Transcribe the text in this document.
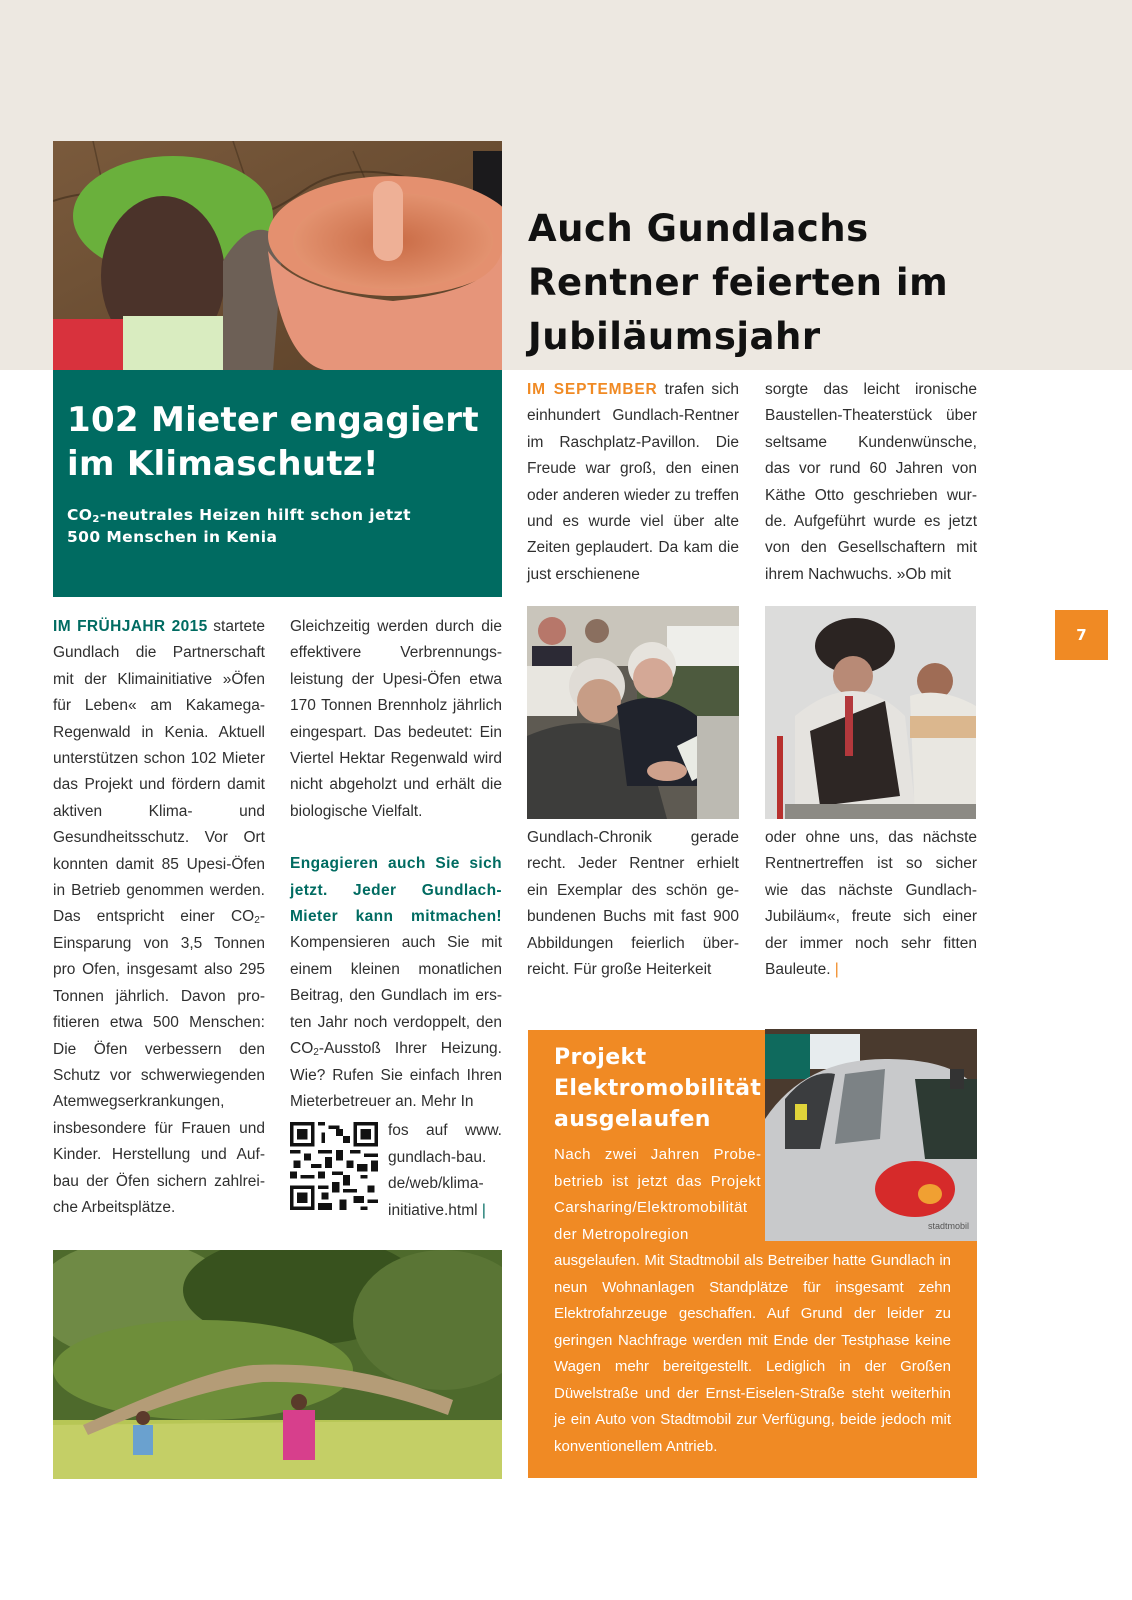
102 Mieter engagiert
im Klimaschutz!
$CO_2$-neutrales Heizen hilft schon jetzt
500 Menschen in Kenia
Auch Gundlachs
Rentner feierten im
Jubiläumsjahr
IM FRÜHJAHR 2015 startete Gundlach die Partnerschaft mit der Klimainitiative »Öfen für Leben« am Kakamega-Regenwald in Kenia. Aktuell unterstützen schon 102 Mieter das Projekt und fördern damit aktiven Klima- und Gesundheitsschutz. Vor Ort konnten damit 85 Upesi-Öfen in Betrieb genommen werden. Das entspricht einer $CO_2$-Einsparung von 3,5 Tonnen pro Ofen, insgesamt also 295 Tonnen jährlich. Davon profitieren etwa 500 Menschen: Die Öfen verbessern den Schutz vor schwerwiegenden Atemwegserkrankungen, insbesondere für Frauen und Kinder. Herstellung und Aufbau der Öfen sichern zahlreiche Arbeitsplätze.

Gleichzeitig werden durch die effektivere Verbrennungsleistung der Upesi-Öfen etwa 170 Tonnen Brennholz jährlich eingespart. Das bedeutet: Ein Viertel Hektar Regenwald wird nicht abgeholzt und erhält die biologische Vielfalt.

Engagieren auch Sie sich jetzt. Jeder Gundlach-Mieter kann mitmachen! Kompensieren auch Sie mit einem kleinen monatlichen Beitrag, den Gundlach im ersten Jahr noch verdoppelt, den $CO_2$-Ausstoß Ihrer Heizung. Wie? Rufen Sie einfach Ihren Mieterbetreuer an. Mehr In

fos auf www. gundlach-bau. de/web/klimainitiative.html |
IM SEPTEMBER trafen sich einhundert Gundlach-Rentner im Raschplatz-Pavillon. Die Freude war groß, den einen oder anderen wieder zu treffen und es wurde viel über alte Zeiten geplaudert. Da kam die just erschienene
sorgte das leicht ironische Baustellen-Theaterstück über seltsame Kundenwünsche, das vor rund 60 Jahren von Käthe Otto geschrieben wurde. Aufgeführt wurde es jetzt von den Gesellschaftern mit ihrem Nachwuchs. »Ob mit
Gundlach-Chronik gerade recht. Jeder Rentner erhielt ein Exemplar des schön gebundenen Buchs mit fast 900 Abbildungen feierlich überreicht. Für große Heiterkeit
oder ohne uns, das nächste Rentnertreffen ist so sicher wie das nächste Gundlach-Jubiläum«, freute sich einer der immer noch sehr fitten Bauleute. |
Projekt
Elektromobilität
ausgelaufen
Nach zwei Jahren Probebetrieb ist jetzt das Projekt Carsharing/Elektromobilität der Metropolregion
ausgelaufen. Mit Stadtmobil als Betreiber hatte Gundlach in neun Wohnanlagen Standplätze für insgesamt zehn Elektrofahrzeuge geschaffen. Auf Grund der leider zu geringen Nachfrage werden mit Ende der Testphase keine Wagen mehr bereitgestellt. Lediglich in der Großen Düwelstraße und der Ernst-Eiselen-Straße steht weiterhin je ein Auto von Stadtmobil zur Verfügung, beide jedoch mit konventionellem Antrieb.
stadtmobil
7
